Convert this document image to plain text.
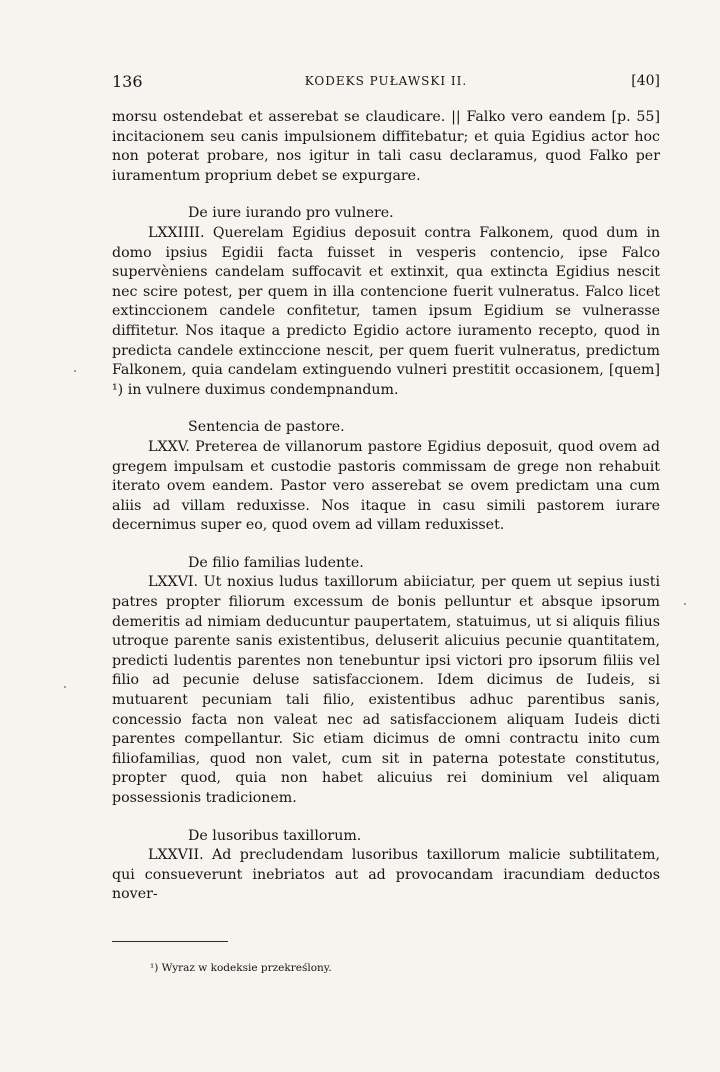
136	KODEKS PUŁAWSKI II.	[40]

morsu ostendebat et asserebat se claudicare. || Falko vero eandem [p. 55] incitacionem seu canis impulsionem diffitebatur; et quia Egidius actor hoc non poterat probare, nos igitur in tali casu declaramus, quod Falko per iuramentum proprium debet se expurgare.

De iure iurando pro vulnere.

LXXIIII. Querelam Egidius deposuit contra Falkonem, quod dum in domo ipsius Egidii facta fuisset in vesperis contencio, ipse Falco supervèniens candelam suffocavit et extinxit, qua extincta Egidius nescit nec scire potest, per quem in illa contencione fuerit vulneratus. Falco licet extinccionem candele confitetur, tamen ipsum Egidium se vulnerasse diffitetur. Nos itaque a predicto Egidio actore iuramento recepto, quod in predicta candele extinccione nescit, per quem fuerit vulneratus, predictum Falkonem, quia candelam extinguendo vulneri prestitit occasionem, [quem] ¹) in vulnere duximus condempnandum.

Sentencia de pastore.

LXXV. Preterea de villanorum pastore Egidius deposuit, quod ovem ad gregem impulsam et custodie pastoris commissam de grege non rehabuit iterato ovem eandem. Pastor vero asserebat se ovem predictam una cum aliis ad villam reduxisse. Nos itaque in casu simili pastorem iurare decernimus super eo, quod ovem ad villam reduxisset.

De filio familias ludente.

LXXVI. Ut noxius ludus taxillorum abiiciatur, per quem ut sepius iusti patres propter filiorum excessum de bonis pelluntur et absque ipsorum demeritis ad nimiam deducuntur paupertatem, statuimus, ut si aliquis filius utroque parente sanis existentibus, deluserit alicuius pecunie quantitatem, predicti ludentis parentes non tenebuntur ipsi victori pro ipsorum filiis vel filio ad pecunie deluse satisfaccionem. Idem dicimus de Iudeis, si mutuarent pecuniam tali filio, existentibus adhuc parentibus sanis, concessio facta non valeat nec ad satisfaccionem aliquam Iudeis dicti parentes compellantur. Sic etiam dicimus de omni contractu inito cum filiofamilias, quod non valet, cum sit in paterna potestate constitutus, propter quod, quia non habet alicuius rei dominium vel aliquam possessionis tradicionem.

De lusoribus taxillorum.

LXXVII. Ad precludendam lusoribus taxillorum malicie subtilitatem, qui consueverunt inebriatos aut ad provocandam iracundiam deductos nover-

¹) Wyraz w kodeksie przekreślony.
